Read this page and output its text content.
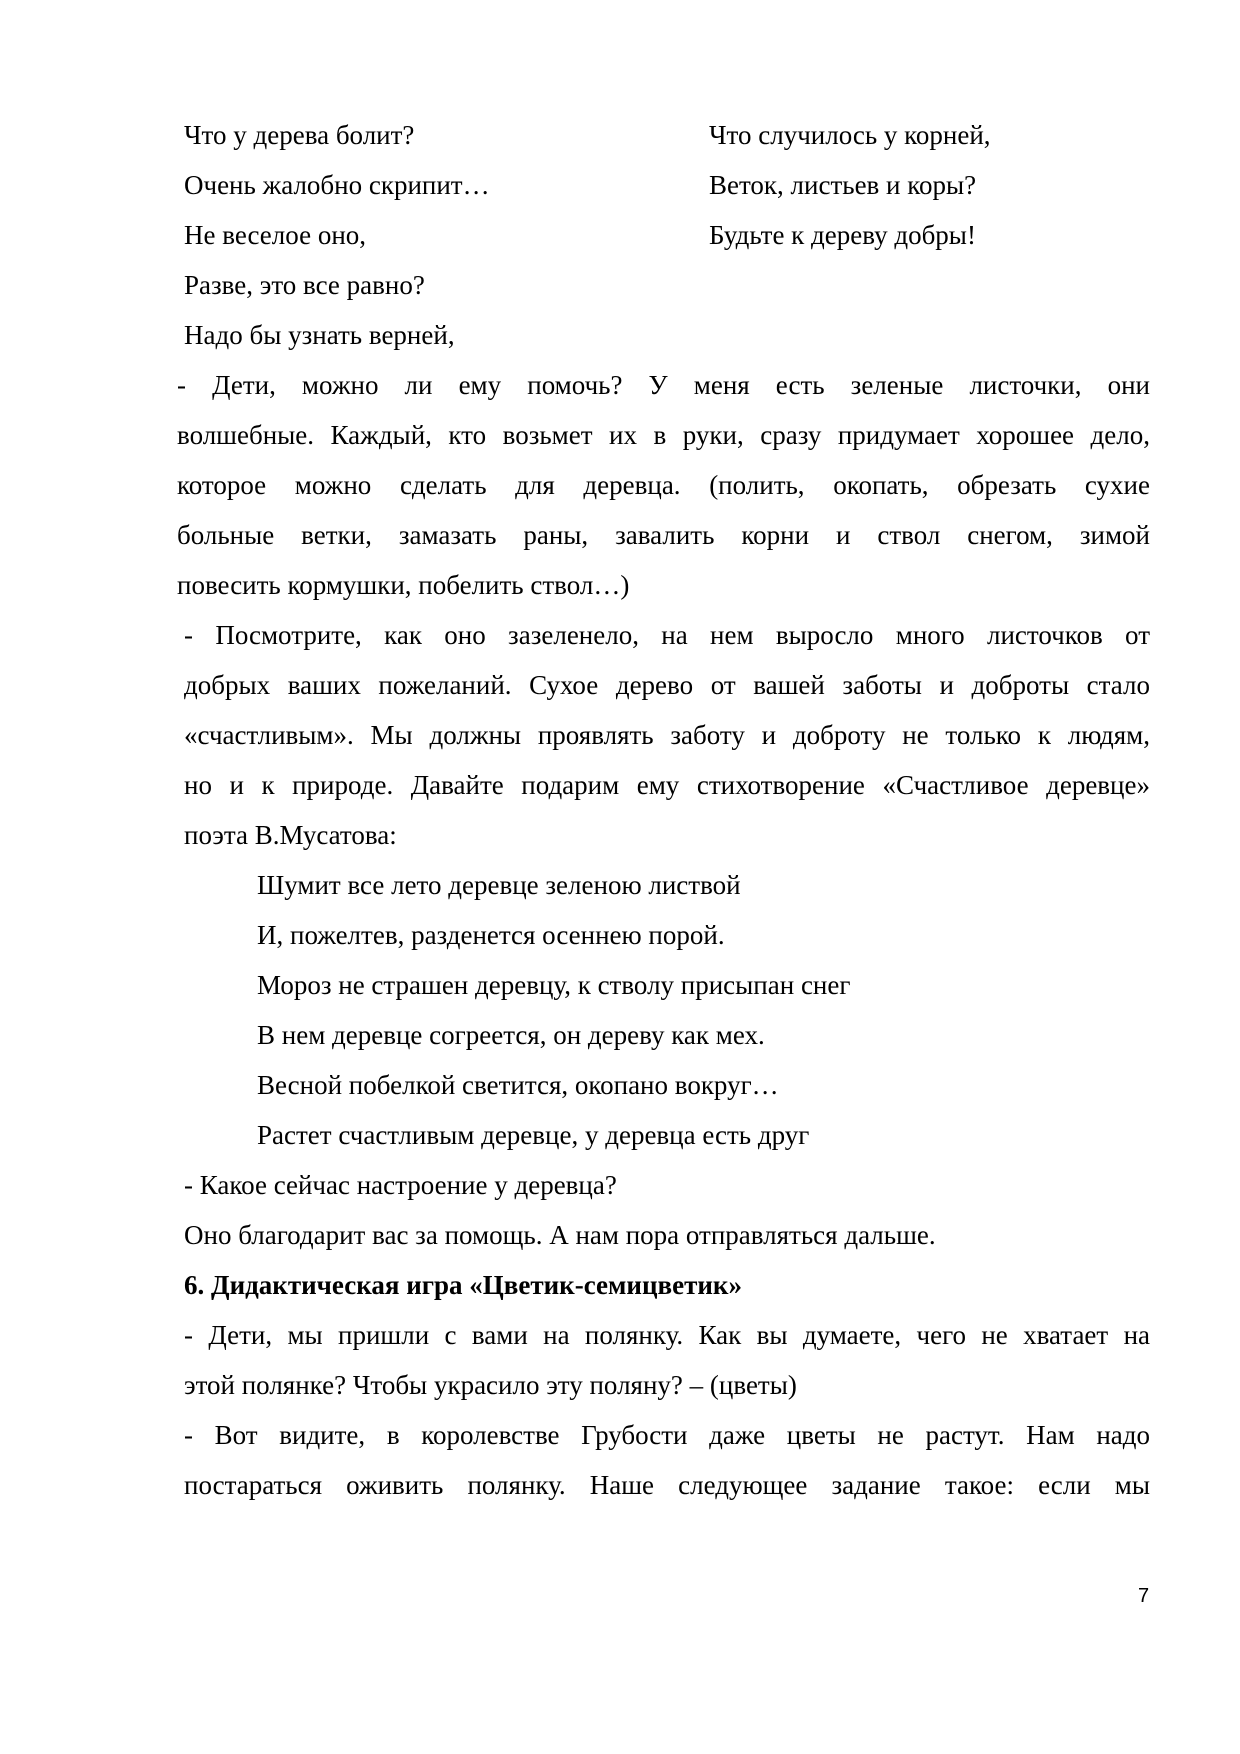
Что у дерева болит?
Очень жалобно скрипит…
Не веселое оно,
Разве, это все равно?
Надо бы узнать верней,
Что случилось у корней,
Веток, листьев и коры?
Будьте к дереву добры!
- Дети, можно ли ему помочь? У меня есть зеленые листочки, они
волшебные. Каждый, кто возьмет их в руки, сразу придумает хорошее дело,
которое можно сделать для деревца. (полить, окопать, обрезать сухие
больные ветки, замазать раны, завалить корни и ствол снегом, зимой
повесить кормушки, побелить ствол…)
- Посмотрите, как оно зазеленело, на нем выросло много листочков от
добрых ваших пожеланий. Сухое дерево от вашей заботы и доброты стало
«счастливым». Мы должны проявлять заботу и доброту не только к людям,
но и к природе. Давайте подарим ему стихотворение «Счастливое деревце»
поэта В.Мусатова:
Шумит все лето деревце зеленою листвой
И, пожелтев, разденется осеннею порой.
Мороз не страшен деревцу, к стволу присыпан снег
В нем деревце согреется, он дереву как мех.
Весной побелкой светится, окопано вокруг…
Растет счастливым деревце, у деревца есть друг
- Какое сейчас настроение у деревца?
Оно благодарит вас за помощь. А нам пора отправляться дальше.
6. Дидактическая игра «Цветик-семицветик»
- Дети, мы пришли с вами на полянку. Как вы думаете, чего не хватает на
этой полянке? Чтобы украсило эту поляну? – (цветы)
- Вот видите, в королевстве Грубости даже цветы не растут. Нам надо
постараться оживить полянку. Наше следующее задание такое: если мы
7
